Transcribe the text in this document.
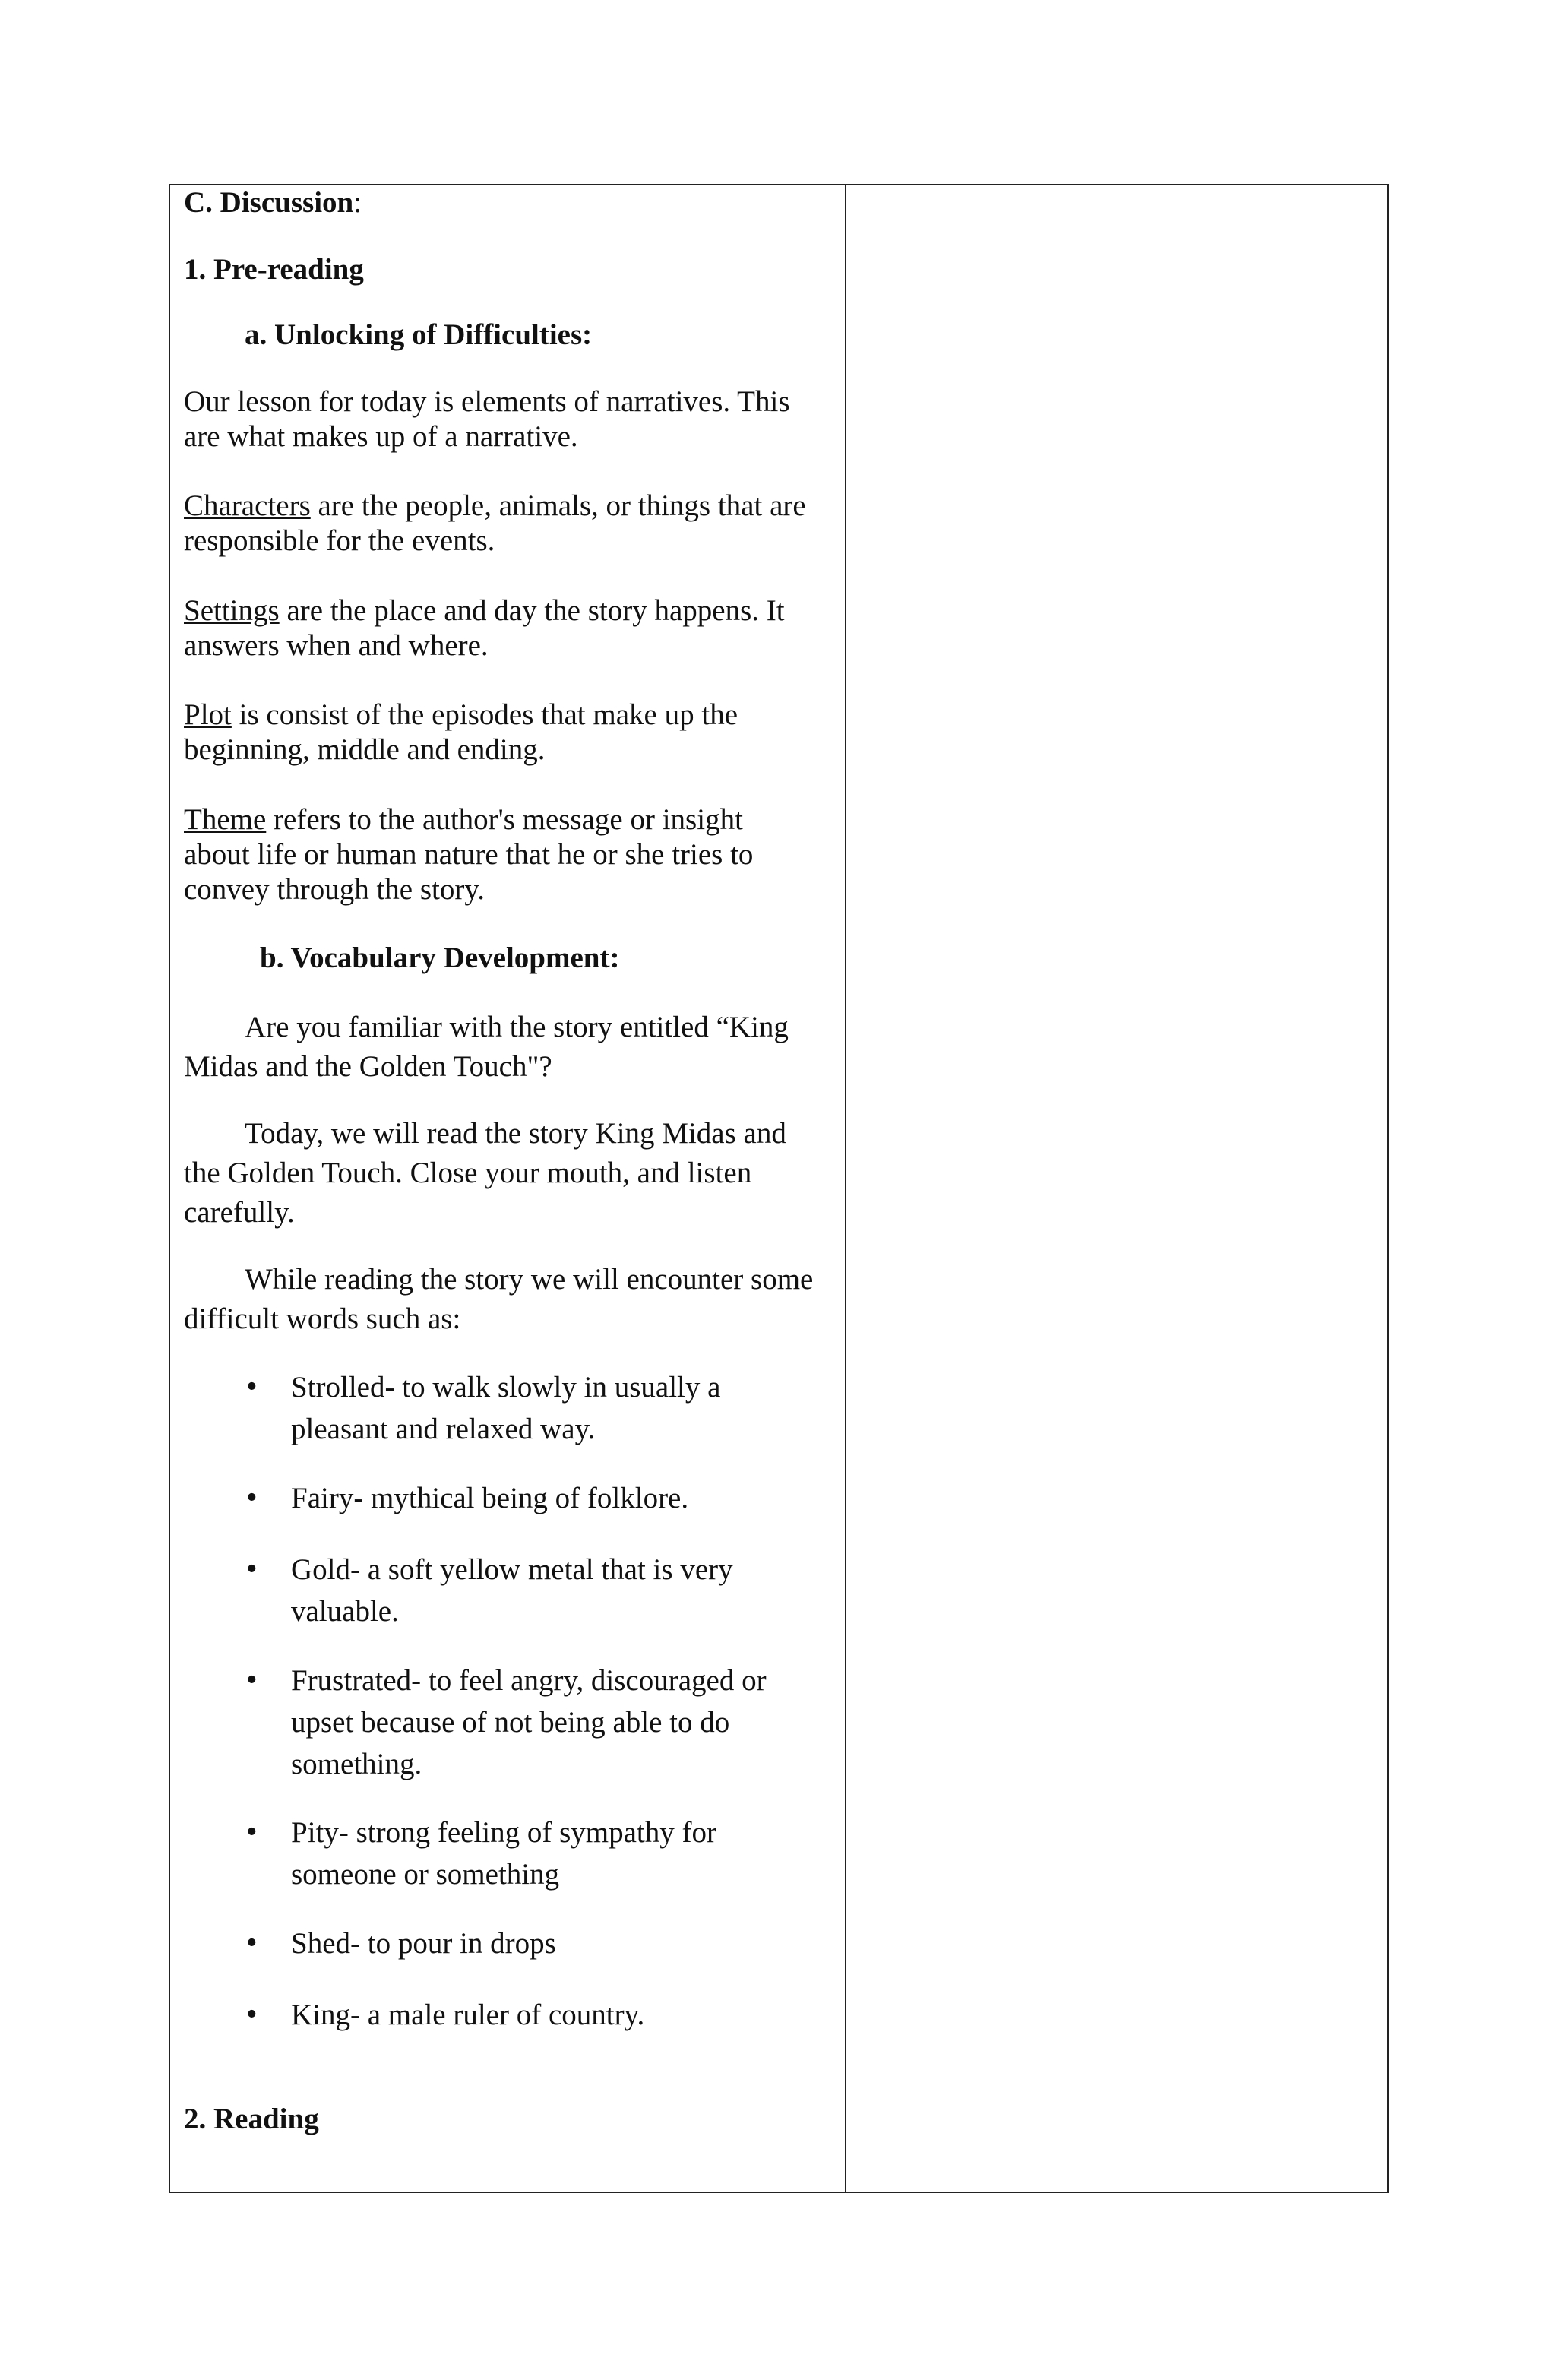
C. Discussion:

1. Pre-reading

a. Unlocking of Difficulties:

Our lesson for today is elements of narratives. This

are what makes up of a narrative.

Characters are the people, animals, or things that are

responsible for the events.

Settings are the place and day the story happens. It

answers when and where.

Plot is consist of the episodes that make up the

beginning, middle and ending.

Theme refers to the author's message or insight

about life or human nature that he or she tries to

convey through the story.

b. Vocabulary Development:

Are you familiar with the story entitled “King

Midas and the Golden Touch"?

Today, we will read the story King Midas and

the Golden Touch. Close your mouth, and listen

carefully.

While reading the story we will encounter some

difficult words such as:

• Strolled- to walk slowly in usually a
pleasant and relaxed way.
• Fairy- mythical being of folklore.
• Gold- a soft yellow metal that is very
valuable.
• Frustrated- to feel angry, discouraged or
upset because of not being able to do
something.
• Pity- strong feeling of sympathy for
someone or something
• Shed- to pour in drops
• King- a male ruler of country.

2. Reading
